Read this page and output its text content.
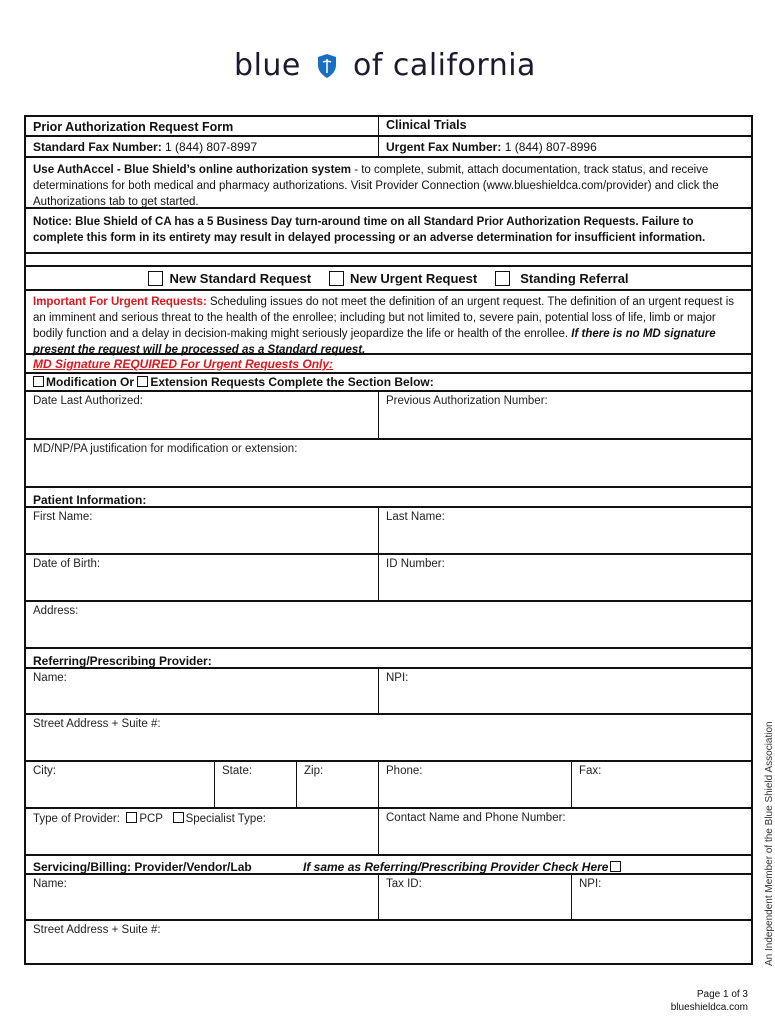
blue of california
Prior Authorization Request Form	Clinical Trials
Standard Fax Number: 1 (844) 807-8997	Urgent Fax Number: 1 (844) 807-8996
Use AuthAccel - Blue Shield’s online authorization system - to complete, submit, attach documentation, track status, and receive determinations for both medical and pharmacy authorizations. Visit Provider Connection (www.blueshieldca.com/provider) and click the Authorizations tab to get started.
Notice: Blue Shield of CA has a 5 Business Day turn-around time on all Standard Prior Authorization Requests. Failure to complete this form in its entirety may result in delayed processing or an adverse determination for insufficient information.
New Standard Request	New Urgent Request	Standing Referral
Important For Urgent Requests: Scheduling issues do not meet the definition of an urgent request. The definition of an urgent request is an imminent and serious threat to the health of the enrollee; including but not limited to, severe pain, potential loss of life, limb or major bodily function and a delay in decision-making might seriously jeopardize the life or health of the enrollee. If there is no MD signature present the request will be processed as a Standard request.
MD Signature REQUIRED For Urgent Requests Only:
Modification Or Extension Requests Complete the Section Below:
Date Last Authorized:	Previous Authorization Number:
MD/NP/PA justification for modification or extension:
Patient Information:
First Name:	Last Name:
Date of Birth:	ID Number:
Address:
Referring/Prescribing Provider:
Name:	NPI:
Street Address + Suite #:
City:	State:	Zip:	Phone:	Fax:
Type of Provider: PCP Specialist Type:	Contact Name and Phone Number:
Servicing/Billing: Provider/Vendor/Lab	If same as Referring/Prescribing Provider Check Here
Name:	Tax ID:	NPI:
Street Address + Suite #:	An Independent Member of the Blue Shield Association
Page 1 of 3
blueshieldca.com
